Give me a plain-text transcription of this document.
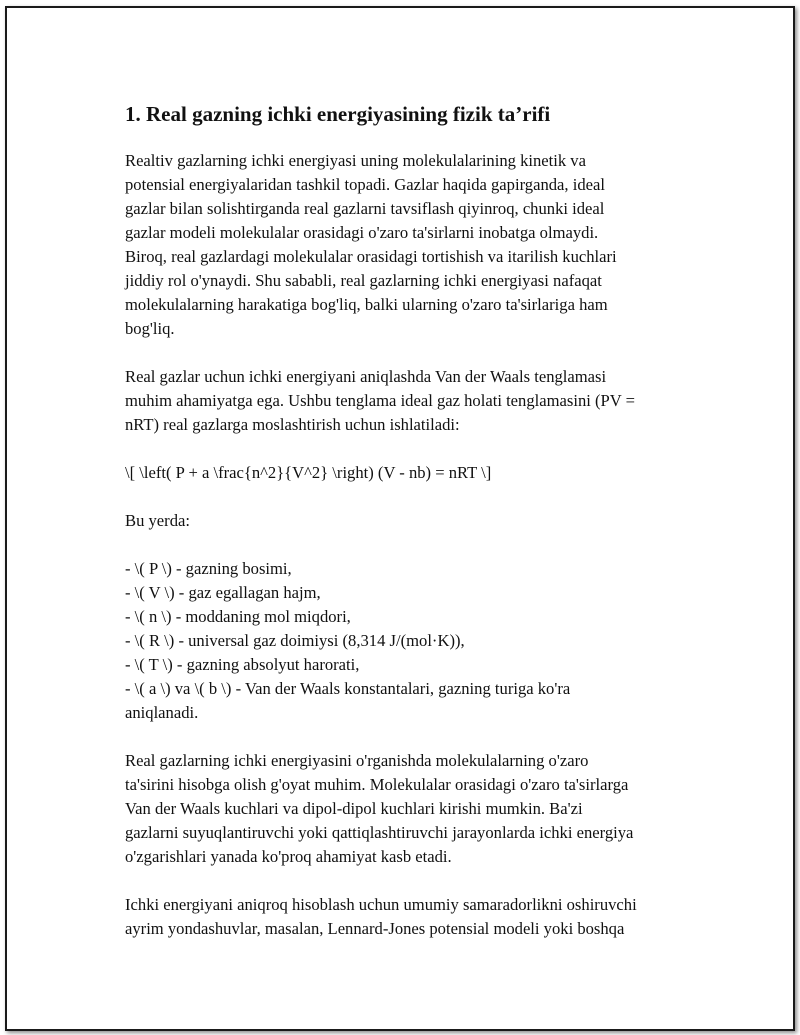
1. Real gazning ichki energiyasining fizik ta’rifi

Realtiv gazlarning ichki energiyasi uning molekulalarining kinetik va
potensial energiyalaridan tashkil topadi. Gazlar haqida gapirganda, ideal
gazlar bilan solishtirganda real gazlarni tavsiflash qiyinroq, chunki ideal
gazlar modeli molekulalar orasidagi o'zaro ta'sirlarni inobatga olmaydi.
Biroq, real gazlardagi molekulalar orasidagi tortishish va itarilish kuchlari
jiddiy rol o'ynaydi. Shu sababli, real gazlarning ichki energiyasi nafaqat
molekulalarning harakatiga bog'liq, balki ularning o'zaro ta'sirlariga ham
bog'liq.

Real gazlar uchun ichki energiyani aniqlashda Van der Waals tenglamasi
muhim ahamiyatga ega. Ushbu tenglama ideal gaz holati tenglamasini (PV =
nRT) real gazlarga moslashtirish uchun ishlatiladi:

\[ \left( P + a \frac{n^2}{V^2} \right) (V - nb) = nRT \]

Bu yerda:

- \( P \) - gazning bosimi,
- \( V \) - gaz egallagan hajm,
- \( n \) - moddaning mol miqdori,
- \( R \) - universal gaz doimiysi (8,314 J/(mol·K)),
- \( T \) - gazning absolyut harorati,
- \( a \) va \( b \) - Van der Waals konstantalari, gazning turiga ko'ra
aniqlanadi.

Real gazlarning ichki energiyasini o'rganishda molekulalarning o'zaro
ta'sirini hisobga olish g'oyat muhim. Molekulalar orasidagi o'zaro ta'sirlarga
Van der Waals kuchlari va dipol-dipol kuchlari kirishi mumkin. Ba'zi
gazlarni suyuqlantiruvchi yoki qattiqlashtiruvchi jarayonlarda ichki energiya
o'zgarishlari yanada ko'proq ahamiyat kasb etadi.

Ichki energiyani aniqroq hisoblash uchun umumiy samaradorlikni oshiruvchi
ayrim yondashuvlar, masalan, Lennard-Jones potensial modeli yoki boshqa
